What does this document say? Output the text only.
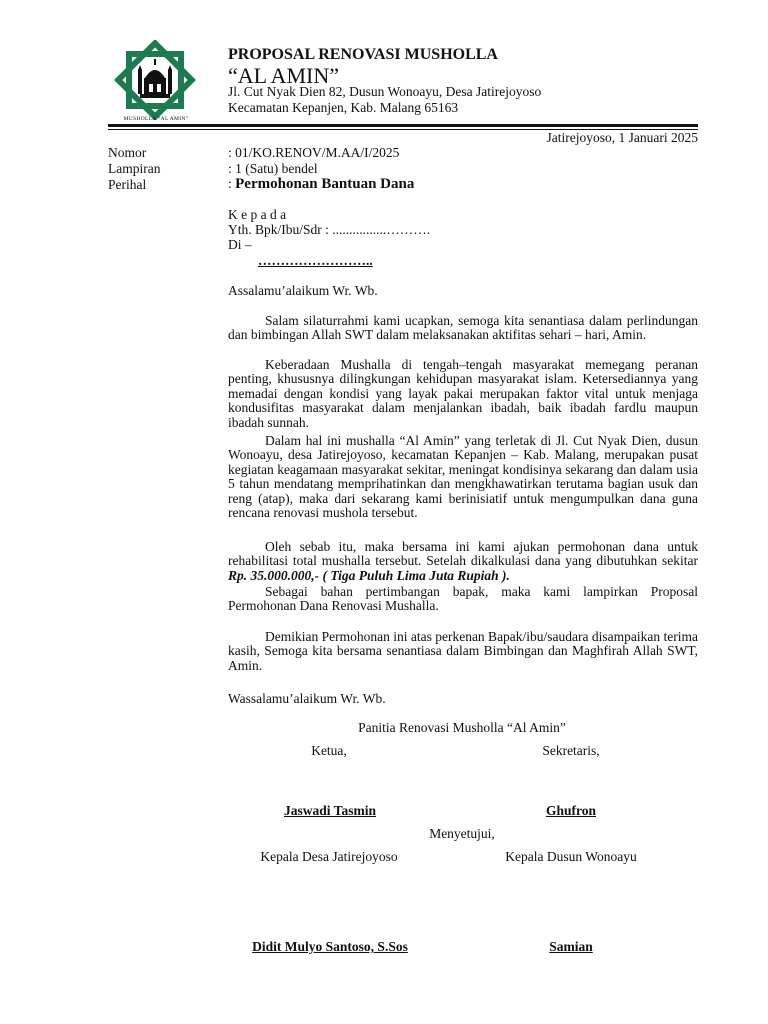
MUSHOLLA “AL AMIN”
PROPOSAL RENOVASI MUSHOLLA
“AL AMIN”
Jl. Cut Nyak Dien 82, Dusun Wonoayu, Desa Jatirejoyoso
Kecamatan Kepanjen, Kab. Malang 65163
Jatirejoyoso, 1 Januari 2025
Nomor	: 01/KO.RENOV/M.AA/I/2025
Lampiran	: 1 (Satu) bendel
Perihal	: Permohonan Bantuan Dana
K e p a d a
Yth. Bpk/Ibu/Sdr : ................……….
Di –
……………………..
Assalamu’alaikum Wr. Wb.

Salam silaturrahmi kami ucapkan, semoga kita senantiasa dalam perlindungan dan bimbingan Allah SWT dalam melaksanakan aktifitas sehari – hari, Amin.

Keberadaan Mushalla di tengah–tengah masyarakat memegang peranan penting, khususnya dilingkungan kehidupan masyarakat islam. Ketersediannya yang memadai dengan kondisi yang layak pakai merupakan faktor vital untuk menjaga kondusifitas masyarakat dalam menjalankan ibadah, baik ibadah fardlu maupun ibadah sunnah.

Dalam hal ini mushalla “Al Amin” yang terletak di Jl. Cut Nyak Dien, dusun Wonoayu, desa Jatirejoyoso, kecamatan Kepanjen – Kab. Malang, merupakan pusat kegiatan keagamaan masyarakat sekitar, meningat kondisinya sekarang dan dalam usia 5 tahun mendatang memprihatinkan dan mengkhawatirkan terutama bagian usuk dan reng (atap), maka dari sekarang kami berinisiatif untuk mengumpulkan dana guna rencana renovasi mushola tersebut.

Oleh sebab itu, maka bersama ini kami ajukan permohonan dana untuk rehabilitasi total mushalla tersebut. Setelah dikalkulasi dana yang dibutuhkan sekitar Rp. 35.000.000,- ( Tiga Puluh Lima Juta Rupiah ).

Sebagai bahan pertimbangan bapak, maka kami lampirkan Proposal Permohonan Dana Renovasi Mushalla.

Demikian Permohonan ini atas perkenan Bapak/ibu/saudara disampaikan terima kasih, Semoga kita bersama senantiasa dalam Bimbingan dan Maghfirah Allah SWT, Amin.

Wassalamu’alaikum Wr. Wb.
Panitia Renovasi Musholla “Al Amin”
Ketua,	Sekretaris,
Jaswadi Tasmin	Ghufron
Menyetujui,
Kepala Desa Jatirejoyoso	Kepala Dusun Wonoayu
Didit Mulyo Santoso, S.Sos	Samian
